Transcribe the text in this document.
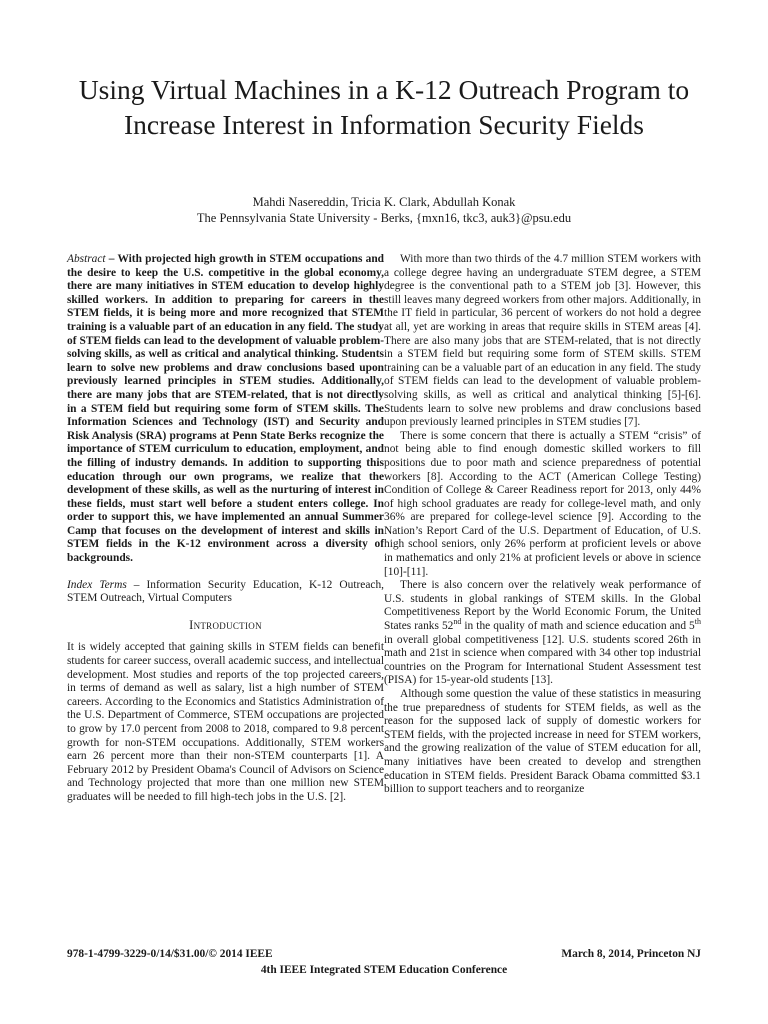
Using Virtual Machines in a K-12 Outreach Program to Increase Interest in Information Security Fields
Mahdi Nasereddin, Tricia K. Clark, Abdullah Konak
The Pennsylvania State University - Berks, {mxn16, tkc3, auk3}@psu.edu

Abstract – With projected high growth in STEM occupations and the desire to keep the U.S. competitive in the global economy, there are many initiatives in STEM education to develop highly skilled workers. In addition to preparing for careers in the STEM fields, it is being more and more recognized that STEM training is a valuable part of an education in any field. The study of STEM fields can lead to the development of valuable problem-solving skills, as well as critical and analytical thinking. Students learn to solve new problems and draw conclusions based upon previously learned principles in STEM studies. Additionally, there are many jobs that are STEM-related, that is not directly in a STEM field but requiring some form of STEM skills. The Information Sciences and Technology (IST) and Security and Risk Analysis (SRA) programs at Penn State Berks recognize the importance of STEM curriculum to education, employment, and the filling of industry demands. In addition to supporting this education through our own programs, we realize that the development of these skills, as well as the nurturing of interest in these fields, must start well before a student enters college. In order to support this, we have implemented an annual Summer Camp that focuses on the development of interest and skills in STEM fields in the K-12 environment across a diversity of backgrounds.

Index Terms – Information Security Education, K-12 Outreach, STEM Outreach, Virtual Computers

Introduction

It is widely accepted that gaining skills in STEM fields can benefit students for career success, overall academic success, and intellectual development. Most studies and reports of the top projected careers, in terms of demand as well as salary, list a high number of STEM careers. According to the Economics and Statistics Administration of the U.S. Department of Commerce, STEM occupations are projected to grow by 17.0 percent from 2008 to 2018, compared to 9.8 percent growth for non-STEM occupations. Additionally, STEM workers earn 26 percent more than their non-STEM counterparts [1]. A February 2012 by President Obama's Council of Advisors on Science and Technology projected that more than one million new STEM graduates will be needed to fill high-tech jobs in the U.S. [2].

With more than two thirds of the 4.7 million STEM workers with a college degree having an undergraduate STEM degree, a STEM degree is the conventional path to a STEM job [3]. However, this still leaves many degreed workers from other majors. Additionally, in the IT field in particular, 36 percent of workers do not hold a degree at all, yet are working in areas that require skills in STEM areas [4]. There are also many jobs that are STEM-related, that is not directly in a STEM field but requiring some form of STEM skills. STEM training can be a valuable part of an education in any field. The study of STEM fields can lead to the development of valuable problem-solving skills, as well as critical and analytical thinking [5]-[6]. Students learn to solve new problems and draw conclusions based upon previously learned principles in STEM studies [7].

There is some concern that there is actually a STEM “crisis” of not being able to find enough domestic skilled workers to fill positions due to poor math and science preparedness of potential workers [8]. According to the ACT (American College Testing) Condition of College & Career Readiness report for 2013, only 44% of high school graduates are ready for college-level math, and only 36% are prepared for college-level science [9]. According to the Nation’s Report Card of the U.S. Department of Education, of U.S. high school seniors, only 26% perform at proficient levels or above in mathematics and only 21% at proficient levels or above in science [10]-[11].

There is also concern over the relatively weak performance of U.S. students in global rankings of STEM skills. In the Global Competitiveness Report by the World Economic Forum, the United States ranks 52nd in the quality of math and science education and 5th in overall global competitiveness [12]. U.S. students scored 26th in math and 21st in science when compared with 34 other top industrial countries on the Program for International Student Assessment test (PISA) for 15-year-old students [13].

Although some question the value of these statistics in measuring the true preparedness of students for STEM fields, as well as the reason for the supposed lack of supply of domestic workers for STEM fields, with the projected increase in need for STEM workers, and the growing realization of the value of STEM education for all, many initiatives have been created to develop and strengthen education in STEM fields. President Barack Obama committed $3.1 billion to support teachers and to reorganize

978-1-4799-3229-0/14/$31.00/© 2014 IEEE	March 8, 2014, Princeton NJ
4th IEEE Integrated STEM Education Conference
